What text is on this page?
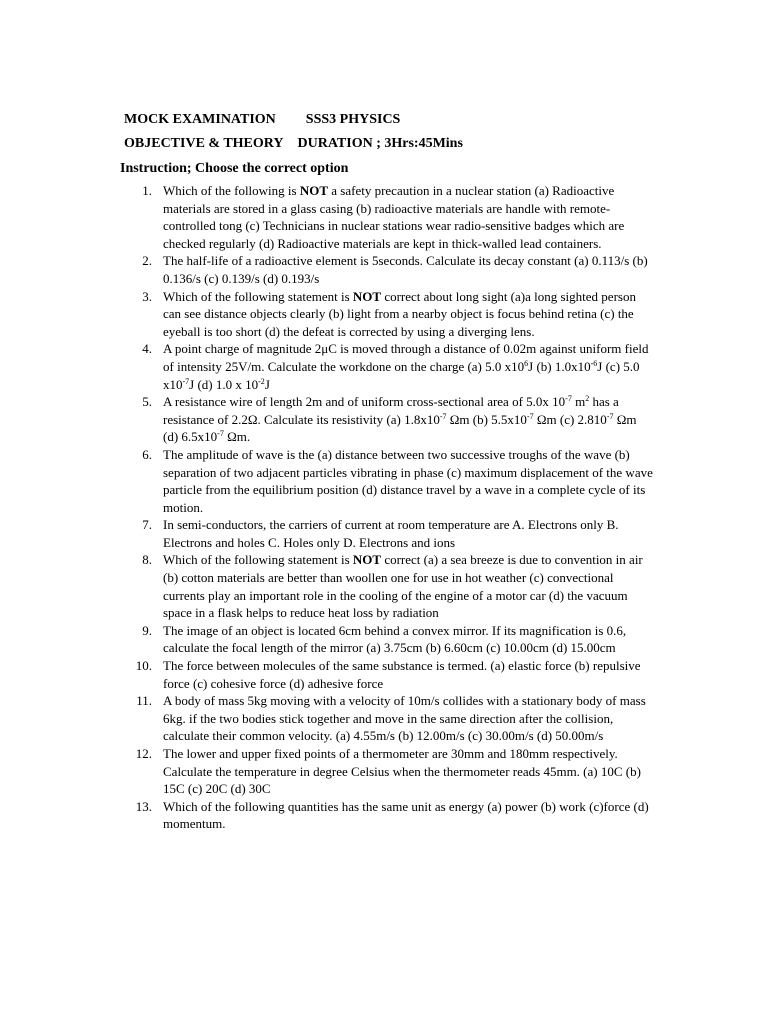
MOCK EXAMINATION SSS3 PHYSICS
OBJECTIVE & THEORY DURATION ; 3Hrs:45Mins
Instruction; Choose the correct option
1. Which of the following is NOT a safety precaution in a nuclear station (a) Radioactive materials are stored in a glass casing (b) radioactive materials are handle with remote-controlled tong (c) Technicians in nuclear stations wear radio-sensitive badges which are checked regularly (d) Radioactive materials are kept in thick-walled lead containers.
2. The half-life of a radioactive element is 5seconds. Calculate its decay constant (a) 0.113/s (b) 0.136/s (c) 0.139/s (d) 0.193/s
3. Which of the following statement is NOT correct about long sight (a)a long sighted person can see distance objects clearly (b) light from a nearby object is focus behind retina (c) the eyeball is too short (d) the defeat is corrected by using a diverging lens.
4. A point charge of magnitude 2μC is moved through a distance of 0.02m against uniform field of intensity 25V/m. Calculate the workdone on the charge (a) 5.0 $x10^6J$ (b) $1.0x10^{-6}J$ (c) 5.0 $x10^{-7}J$ (d) 1.0 x $10^{-2}J$
5. A resistance wire of length 2m and of uniform cross-sectional area of 5.0x $10^{-7}$ $m^2$ has a resistance of 2.2Ω. Calculate its resistivity (a) $1.8x10^{-7}$ Ωm (b) $5.5x10^{-7}$ Ωm (c) $2.810^{-7}$ Ωm (d) $6.5x10^{-7}$ Ωm.
6. The amplitude of wave is the (a) distance between two successive troughs of the wave (b) separation of two adjacent particles vibrating in phase (c) maximum displacement of the wave particle from the equilibrium position (d) distance travel by a wave in a complete cycle of its motion.
7. In semi-conductors, the carriers of current at room temperature are A. Electrons only B. Electrons and holes C. Holes only D. Electrons and ions
8. Which of the following statement is NOT correct (a) a sea breeze is due to convention in air (b) cotton materials are better than woollen one for use in hot weather (c) convectional currents play an important role in the cooling of the engine of a motor car (d) the vacuum space in a flask helps to reduce heat loss by radiation
9. The image of an object is located 6cm behind a convex mirror. If its magnification is 0.6, calculate the focal length of the mirror (a) 3.75cm (b) 6.60cm (c) 10.00cm (d) 15.00cm
10. The force between molecules of the same substance is termed. (a) elastic force (b) repulsive force (c) cohesive force (d) adhesive force
11. A body of mass 5kg moving with a velocity of 10m/s collides with a stationary body of mass 6kg. if the two bodies stick together and move in the same direction after the collision, calculate their common velocity. (a) 4.55m/s (b) 12.00m/s (c) 30.00m/s (d) 50.00m/s
12. The lower and upper fixed points of a thermometer are 30mm and 180mm respectively. Calculate the temperature in degree Celsius when the thermometer reads 45mm. (a) 10C (b) 15C (c) 20C (d) 30C
13. Which of the following quantities has the same unit as energy (a) power (b) work (c)force (d) momentum.
